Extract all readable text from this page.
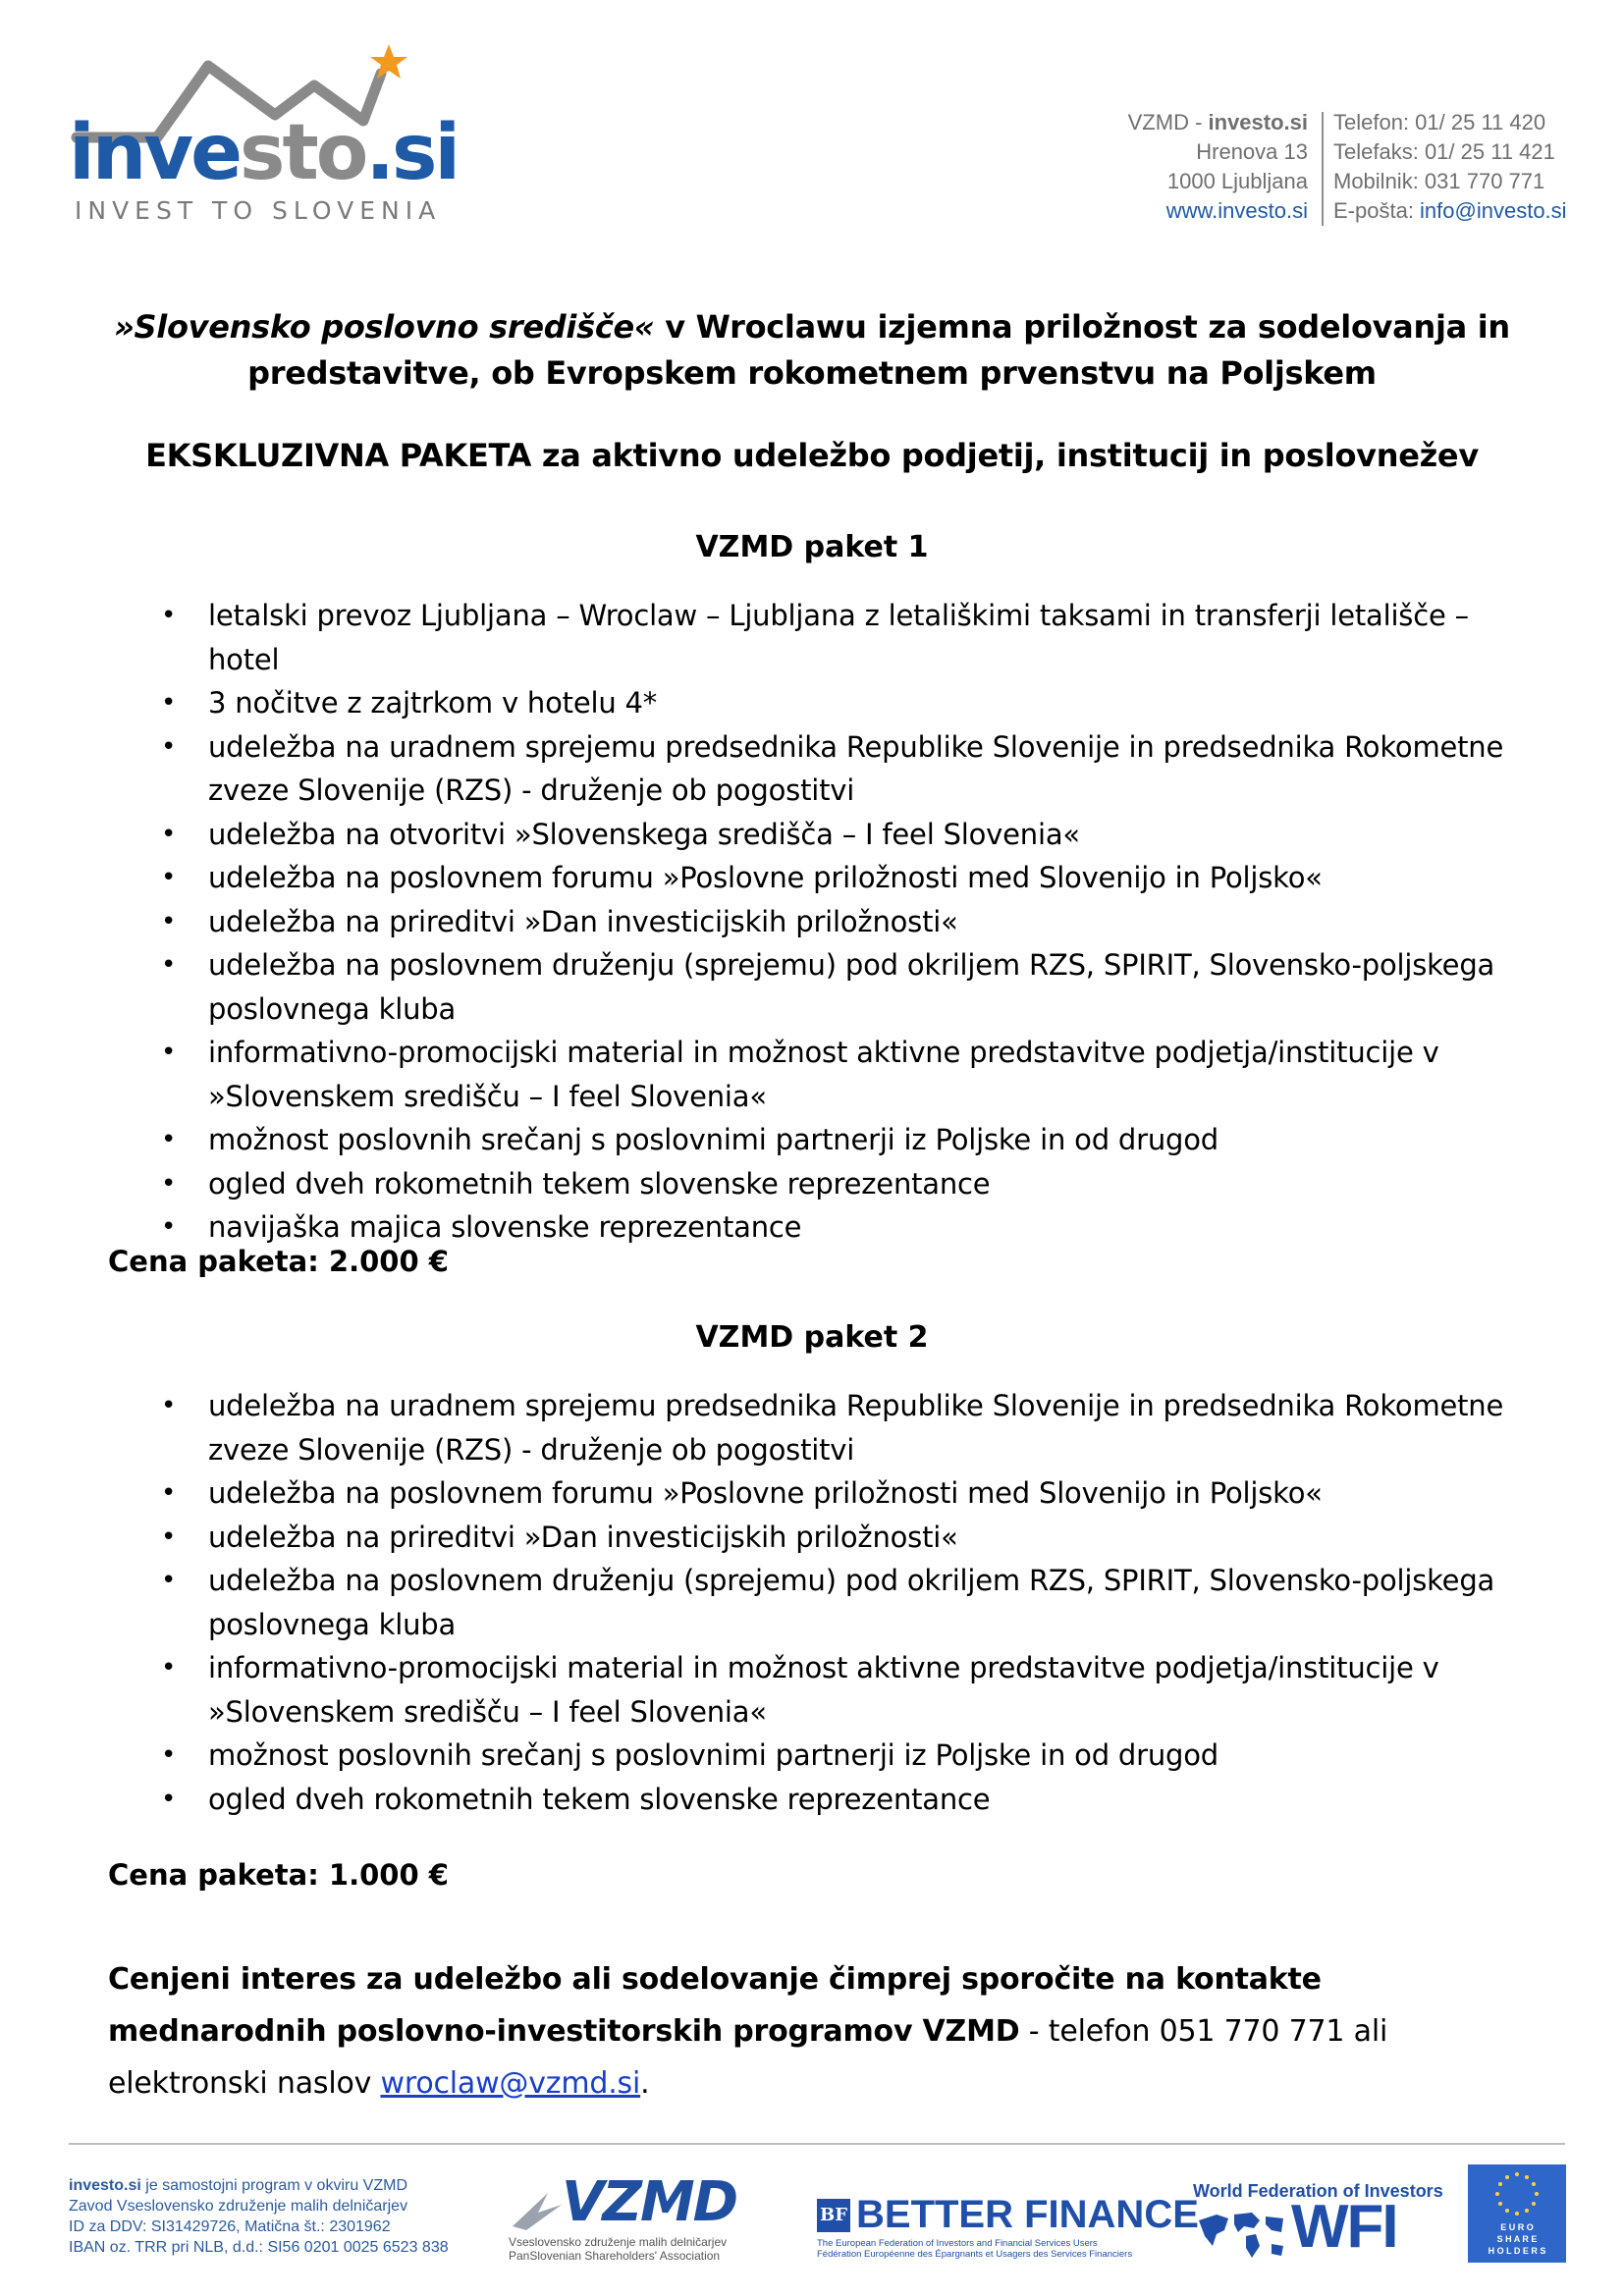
investo.si
INVEST TO SLOVENIA
VZMD - investo.si
Hrenova 13
1000 Ljubljana
www.investo.si
Telefon: 01/ 25 11 420
Telefaks: 01/ 25 11 421
Mobilnik: 031 770 771
E-pošta: info@investo.si
»Slovensko poslovno središče« v Wroclawu izjemna priložnost za sodelovanja in
predstavitve, ob Evropskem rokometnem prvenstvu na Poljskem
EKSKLUZIVNA PAKETA za aktivno udeležbo podjetij, institucij in poslovnežev
VZMD paket 1
• letalski prevoz Ljubljana – Wroclaw – Ljubljana z letališkimi taksami in transferji letališče – hotel
• 3 nočitve z zajtrkom v hotelu 4*
• udeležba na uradnem sprejemu predsednika Republike Slovenije in predsednika Rokometne zveze Slovenije (RZS) - druženje ob pogostitvi
• udeležba na otvoritvi »Slovenskega središča – I feel Slovenia«
• udeležba na poslovnem forumu »Poslovne priložnosti med Slovenijo in Poljsko«
• udeležba na prireditvi »Dan investicijskih priložnosti«
• udeležba na poslovnem druženju (sprejemu) pod okriljem RZS, SPIRIT, Slovensko-poljskega poslovnega kluba
• informativno-promocijski material in možnost aktivne predstavitve podjetja/institucije v »Slovenskem središču – I feel Slovenia«
• možnost poslovnih srečanj s poslovnimi partnerji iz Poljske in od drugod
• ogled dveh rokometnih tekem slovenske reprezentance
• navijaška majica slovenske reprezentance
Cena paketa: 2.000 €
VZMD paket 2
• udeležba na uradnem sprejemu predsednika Republike Slovenije in predsednika Rokometne zveze Slovenije (RZS) - druženje ob pogostitvi
• udeležba na poslovnem forumu »Poslovne priložnosti med Slovenijo in Poljsko«
• udeležba na prireditvi »Dan investicijskih priložnosti«
• udeležba na poslovnem druženju (sprejemu) pod okriljem RZS, SPIRIT, Slovensko-poljskega poslovnega kluba
• informativno-promocijski material in možnost aktivne predstavitve podjetja/institucije v »Slovenskem središču – I feel Slovenia«
• možnost poslovnih srečanj s poslovnimi partnerji iz Poljske in od drugod
• ogled dveh rokometnih tekem slovenske reprezentance
Cena paketa: 1.000 €
Cenjeni interes za udeležbo ali sodelovanje čimprej sporočite na kontakte mednarodnih poslovno-investitorskih programov VZMD - telefon 051 770 771 ali elektronski naslov wroclaw@vzmd.si.
investo.si je samostojni program v okviru VZMD
Zavod Vseslovensko združenje malih delničarjev
ID za DDV: SI31429726, Matična št.: 2301962
IBAN oz. TRR pri NLB, d.d.: SI56 0201 0025 6523 838
VZMD
Vseslovensko združenje malih delničarjev
PanSlovenian Shareholders' Association
BF BETTER FINANCE
The European Federation of Investors and Financial Services Users
Fédération Européenne des Épargnants et Usagers des Services Financiers
World Federation of Investors
WFI	E U R O
S H A R E
H O L D E R S
